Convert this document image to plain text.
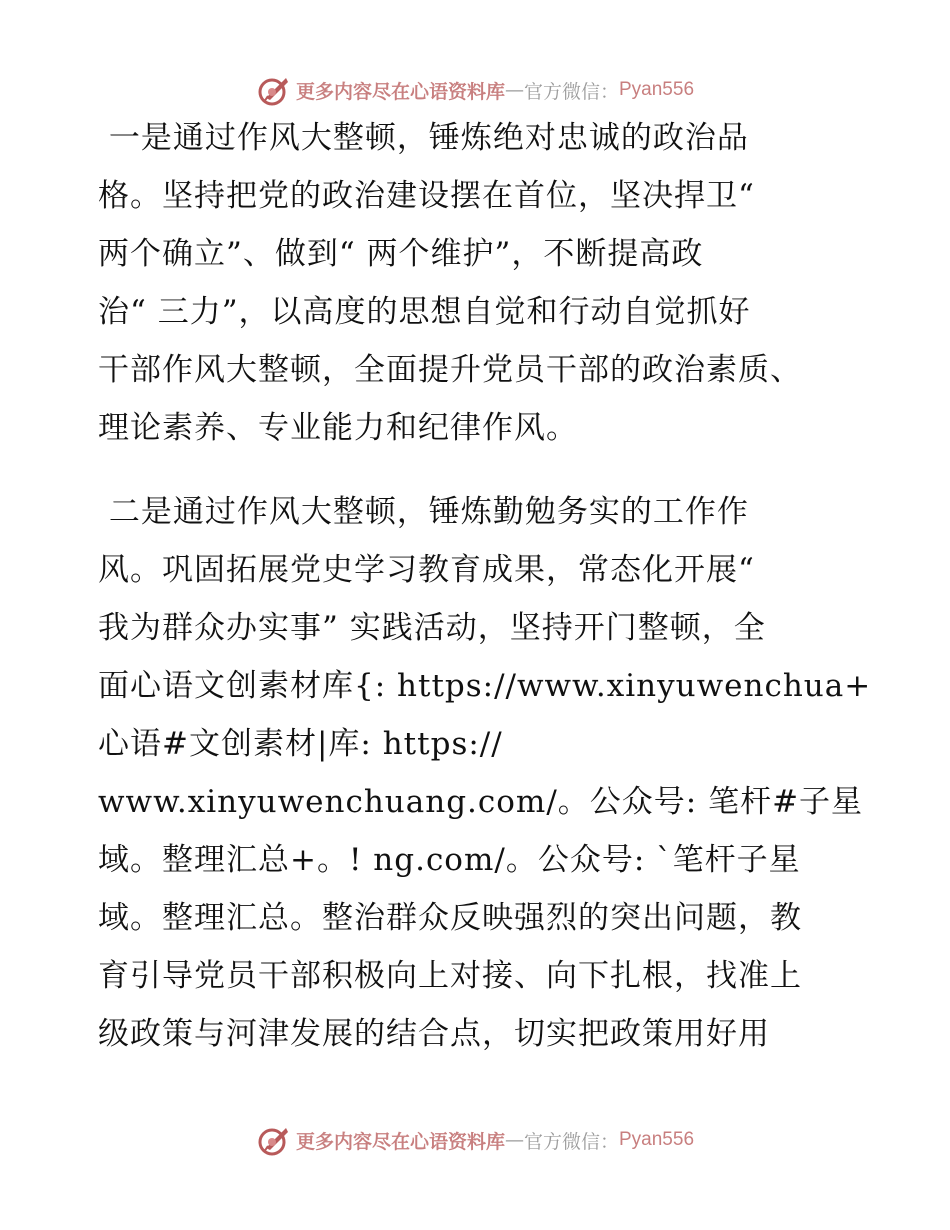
更多内容尽在心语资料库 — 官方微信： Pyan556
一是通过作风大整顿，锤炼绝对忠诚的政治品
格。坚持把党的政治建设摆在首位，坚决捍卫“
两个确立”、做到“ 两个维护”，不断提高政
治“ 三力”，以高度的思想自觉和行动自觉抓好
干部作风大整顿，全面提升党员干部的政治素质、
理论素养、专业能力和纪律作风。
二是通过作风大整顿，锤炼勤勉务实的工作作
风。巩固拓展党史学习教育成果，常态化开展“
我为群众办实事” 实践活动，坚持开门整顿，全
面心语文创素材库{: https://www.xinyuwenchua+
心语#文创素材|库: https://
www.xinyuwenchuang.com/。公众号: 笔杆#子星
域。整理汇总+。! ng.com/。公众号: `笔杆子星
域。整理汇总。整治群众反映强烈的突出问题，教
育引导党员干部积极向上对接、向下扎根，找准上
级政策与河津发展的结合点，切实把政策用好用
更多内容尽在心语资料库 — 官方微信： Pyan556
